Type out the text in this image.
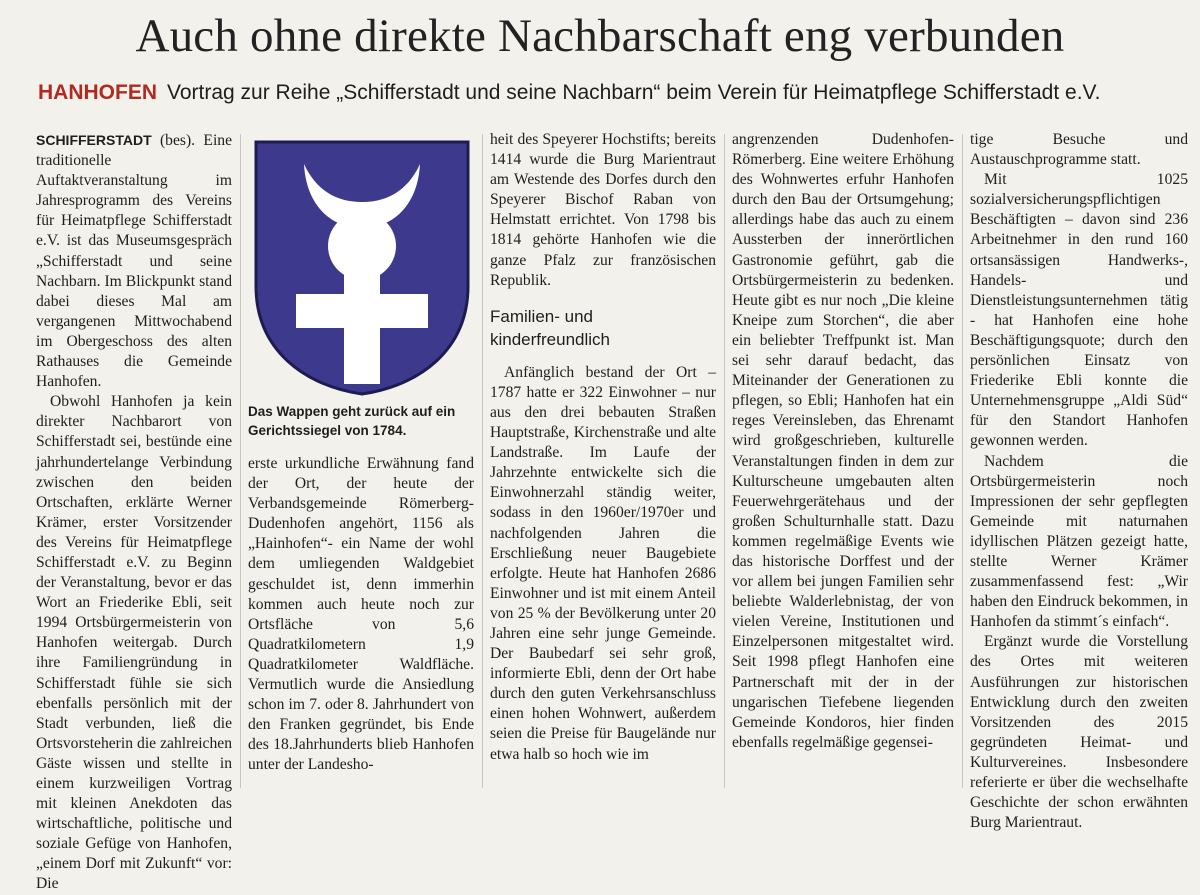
Auch ohne direkte Nachbarschaft eng verbunden
HANHOFEN Vortrag zur Reihe „Schifferstadt und seine Nachbarn“ beim Verein für Heimatpflege Schifferstadt e.V.

SCHIFFERSTADT (bes). Eine traditionelle Auftaktveranstaltung im Jahresprogramm des Vereins für Heimatpflege Schifferstadt e.V. ist das Museumsgespräch „Schifferstadt und seine Nachbarn. Im Blickpunkt stand dabei dieses Mal am vergangenen Mittwochabend im Obergeschoss des alten Rathauses die Gemeinde Hanhofen.

Obwohl Hanhofen ja kein direkter Nachbarort von Schifferstadt sei, bestünde eine jahrhundertelange Verbindung zwischen den beiden Ortschaften, erklärte Werner Krämer, erster Vorsitzender des Vereins für Heimatpflege Schifferstadt e.V. zu Beginn der Veranstaltung, bevor er das Wort an Friederike Ebli, seit 1994 Ortsbürgermeisterin von Hanhofen weitergab. Durch ihre Familiengründung in Schifferstadt fühle sie sich ebenfalls persönlich mit der Stadt verbunden, ließ die Ortsvorsteherin die zahlreichen Gäste wissen und stellte in einem kurzweiligen Vortrag mit kleinen Anekdoten das wirtschaftliche, politische und soziale Gefüge von Hanhofen, „einem Dorf mit Zukunft“ vor: Die

Das Wappen geht zurück auf ein Gerichtssiegel von 1784.

erste urkundliche Erwähnung fand der Ort, der heute der Verbandsgemeinde Römerberg-Dudenhofen angehört, 1156 als „Hainhofen“- ein Name der wohl dem umliegenden Waldgebiet geschuldet ist, denn immerhin kommen auch heute noch zur Ortsfläche von 5,6 Quadratkilometern 1,9 Quadratkilometer Waldfläche. Vermutlich wurde die Ansiedlung schon im 7. oder 8. Jahrhundert von den Franken gegründet, bis Ende des 18.Jahrhunderts blieb Hanhofen unter der Landesho-

heit des Speyerer Hochstifts; bereits 1414 wurde die Burg Marientraut am Westende des Dorfes durch den Speyerer Bischof Raban von Helmstatt errichtet. Von 1798 bis 1814 gehörte Hanhofen wie die ganze Pfalz zur französischen Republik.

Familien- und kinderfreundlich

Anfänglich bestand der Ort – 1787 hatte er 322 Einwohner – nur aus den drei bebauten Straßen Hauptstraße, Kirchenstraße und alte Landstraße. Im Laufe der Jahrzehnte entwickelte sich die Einwohnerzahl ständig weiter, sodass in den 1960er/1970er und nachfolgenden Jahren die Erschließung neuer Baugebiete erfolgte. Heute hat Hanhofen 2686 Einwohner und ist mit einem Anteil von 25 % der Bevölkerung unter 20 Jahren eine sehr junge Gemeinde. Der Baubedarf sei sehr groß, informierte Ebli, denn der Ort habe durch den guten Verkehrsanschluss einen hohen Wohnwert, außerdem seien die Preise für Baugelände nur etwa halb so hoch wie im

angrenzenden Dudenhofen-Römerberg. Eine weitere Erhöhung des Wohnwertes erfuhr Hanhofen durch den Bau der Ortsumgehung; allerdings habe das auch zu einem Aussterben der innerörtlichen Gastronomie geführt, gab die Ortsbürgermeisterin zu bedenken. Heute gibt es nur noch „Die kleine Kneipe zum Storchen“, die aber ein beliebter Treffpunkt ist. Man sei sehr darauf bedacht, das Miteinander der Generationen zu pflegen, so Ebli; Hanhofen hat ein reges Vereinsleben, das Ehrenamt wird großgeschrieben, kulturelle Veranstaltungen finden in dem zur Kulturscheune umgebauten alten Feuerwehrgerätehaus und der großen Schulturnhalle statt. Dazu kommen regelmäßige Events wie das historische Dorffest und der vor allem bei jungen Familien sehr beliebte Walderlebnistag, der von vielen Vereine, Institutionen und Einzelpersonen mitgestaltet wird. Seit 1998 pflegt Hanhofen eine Partnerschaft mit der in der ungarischen Tiefebene liegenden Gemeinde Kondoros, hier finden ebenfalls regelmäßige gegensei-

tige Besuche und Austauschprogramme statt.

Mit 1025 sozialversicherungspflichtigen Beschäftigten – davon sind 236 Arbeitnehmer in den rund 160 ortsansässigen Handwerks-, Handels- und Dienstleistungsunternehmen tätig - hat Hanhofen eine hohe Beschäftigungsquote; durch den persönlichen Einsatz von Friederike Ebli konnte die Unternehmensgruppe „Aldi Süd“ für den Standort Hanhofen gewonnen werden.

Nachdem die Ortsbürgermeisterin noch Impressionen der sehr gepflegten Gemeinde mit naturnahen idyllischen Plätzen gezeigt hatte, stellte Werner Krämer zusammenfassend fest: „Wir haben den Eindruck bekommen, in Hanhofen da stimmt´s einfach“.

Ergänzt wurde die Vorstellung des Ortes mit weiteren Ausführungen zur historischen Entwicklung durch den zweiten Vorsitzenden des 2015 gegründeten Heimat- und Kulturvereines. Insbesondere referierte er über die wechselhafte Geschichte der schon erwähnten Burg Marientraut.
